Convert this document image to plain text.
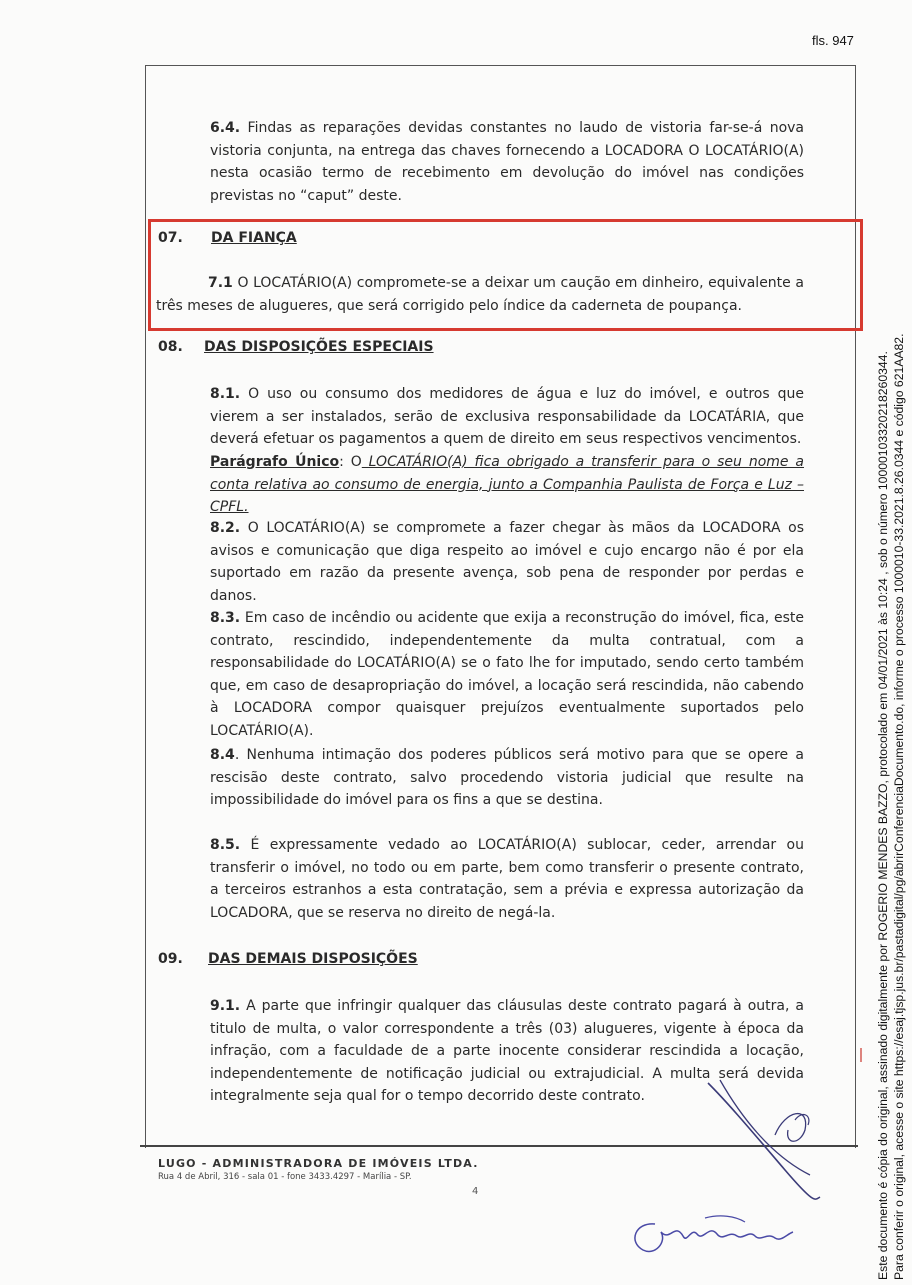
fls. 947
6.4. Findas as reparações devidas constantes no laudo de vistoria far-se-á nova vistoria conjunta, na entrega das chaves fornecendo a LOCADORA O LOCATÁRIO(A) nesta ocasião termo de recebimento em devolução do imóvel nas condições previstas no “caput” deste.
07. DA FIANÇA
7.1 O LOCATÁRIO(A) compromete-se a deixar um caução em dinheiro, equivalente a três meses de alugueres, que será corrigido pelo índice da caderneta de poupança.
08. DAS DISPOSIÇÕES ESPECIAIS
8.1. O uso ou consumo dos medidores de água e luz do imóvel, e outros que vierem a ser instalados, serão de exclusiva responsabilidade da LOCATÁRIA, que deverá efetuar os pagamentos a quem de direito em seus respectivos vencimentos.
Parágrafo Único: O LOCATÁRIO(A) fica obrigado a transferir para o seu nome a conta relativa ao consumo de energia, junto a Companhia Paulista de Força e Luz – CPFL.
8.2. O LOCATÁRIO(A) se compromete a fazer chegar às mãos da LOCADORA os avisos e comunicação que diga respeito ao imóvel e cujo encargo não é por ela suportado em razão da presente avença, sob pena de responder por perdas e danos.
8.3. Em caso de incêndio ou acidente que exija a reconstrução do imóvel, fica, este contrato, rescindido, independentemente da multa contratual, com a responsabilidade do LOCATÁRIO(A) se o fato lhe for imputado, sendo certo também que, em caso de desapropriação do imóvel, a locação será rescindida, não cabendo à LOCADORA compor quaisquer prejuízos eventualmente suportados pelo LOCATÁRIO(A).
8.4. Nenhuma intimação dos poderes públicos será motivo para que se opere a rescisão deste contrato, salvo procedendo vistoria judicial que resulte na impossibilidade do imóvel para os fins a que se destina.
8.5. É expressamente vedado ao LOCATÁRIO(A) sublocar, ceder, arrendar ou transferir o imóvel, no todo ou em parte, bem como transferir o presente contrato, a terceiros estranhos a esta contratação, sem a prévia e expressa autorização da LOCADORA, que se reserva no direito de negá-la.
09. DAS DEMAIS DISPOSIÇÕES
9.1. A parte que infringir qualquer das cláusulas deste contrato pagará à outra, a titulo de multa, o valor correspondente a três (03) alugueres, vigente à época da infração, com a faculdade de a parte inocente considerar rescindida a locação, independentemente de notificação judicial ou extrajudicial. A multa será devida integralmente seja qual for o tempo decorrido deste contrato.
LUGO - ADMINISTRADORA DE IMÓVEIS LTDA.
Rua 4 de Abril, 316 - sala 01 - fone 3433.4297 - Marília - SP.
4	Este documento é cópia do original, assinado digitalmente por ROGERIO MENDES BAZZO, protocolado em 04/01/2021 às 10:24 , sob o número 10000103320218260344. Para conferir o original, acesse o site https://esaj.tjsp.jus.br/pastadigital/pg/abrirConferenciaDocumento.do, informe o processo 1000010-33.2021.8.26.0344 e código 621AA82.
